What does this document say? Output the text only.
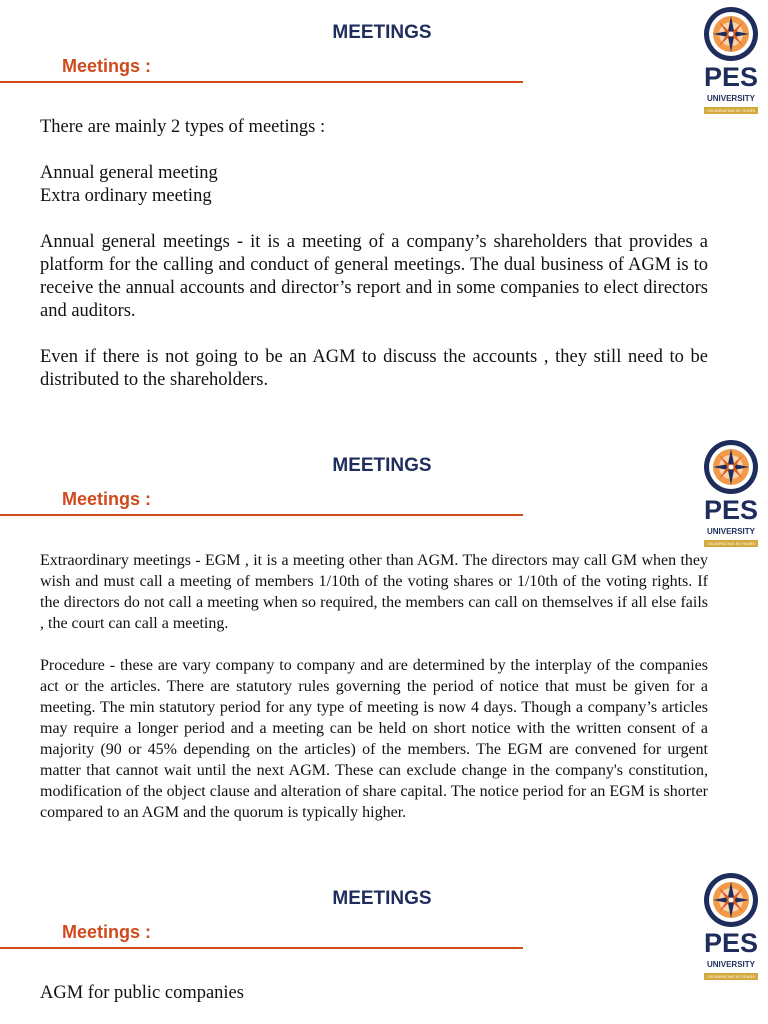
MEETINGS
Meetings :	PES
UNIVERSITY
CELEBRATING 50 YEARS

There are mainly 2 types of meetings :

Annual general meeting

Extra ordinary meeting

Annual general meetings - it is a meeting of a company’s shareholders that provides a platform for the calling and conduct of general meetings. The dual business of AGM is to receive the annual accounts and director’s report and in some companies to elect directors and auditors.

Even if there is not going to be an AGM to discuss the accounts , they still need to be distributed to the shareholders.

MEETINGS
Meetings :	PES
UNIVERSITY
CELEBRATING 50 YEARS

Extraordinary meetings - EGM , it is a meeting other than AGM. The directors may call GM when they wish and must call a meeting of members 1/10th of the voting shares or 1/10th of the voting rights. If the directors do not call a meeting when so required, the members can call on themselves if all else fails , the court can call a meeting.

Procedure - these are vary company to company and are determined by the interplay of the companies act or the articles. There are statutory rules governing the period of notice that must be given for a meeting. The min statutory period for any type of meeting is now 4 days. Though a company’s articles may require a longer period and a meeting can be held on short notice with the written consent of a majority (90 or 45% depending on the articles) of the members. The EGM are convened for urgent matter that cannot wait until the next AGM. These can exclude change in the company's constitution, modification of the object clause and alteration of share capital. The notice period for an EGM is shorter compared to an AGM and the quorum is typically higher.

MEETINGS
Meetings :	PES
UNIVERSITY
CELEBRATING 50 YEARS

AGM for public companies
